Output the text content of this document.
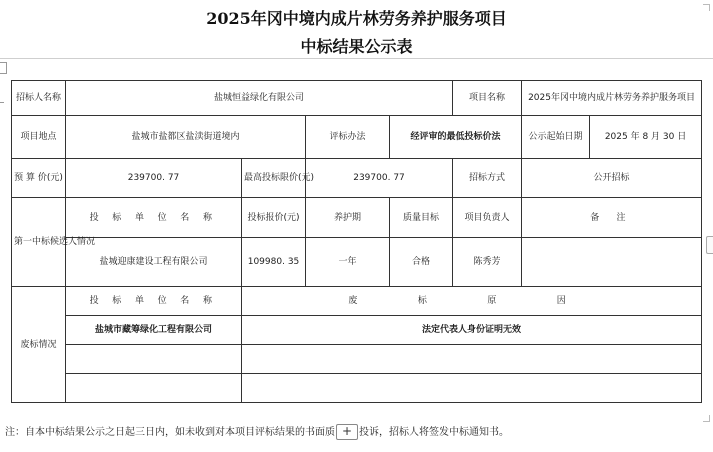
2025年冈中境内成片林劳务养护服务项目
中标结果公示表
招标人名称	盐城恒益绿化有限公司				项目名称	2025年冈中境内成片林劳务养护服务项目	
项目地点	盐城市盐都区盐渎街道境内		评标办法	经评审的最低投标价法		公示起始日期	2025 年 8 月 30 日
预 算 价(元)	239700. 77	最高投标限价(元)	239700. 77		招标方式	公开招标	
第一中标候选人情况	投 标 单 位 名 称	投标报价(元)	养护期	质量目标	项目负责人	备 注	
	盐城迎康建设工程有限公司	109980. 35	一年	合格	陈秀芳		
废标情况	投 标 单 位 名 称	废 标 原 因					
	盐城市藏筹绿化工程有限公司	法定代表人身份证明无效					

注：自本中标结果公示之日起三日内，如未收到对本项目评标结果的书面质 + 投诉，招标人将签发中标通知书。
